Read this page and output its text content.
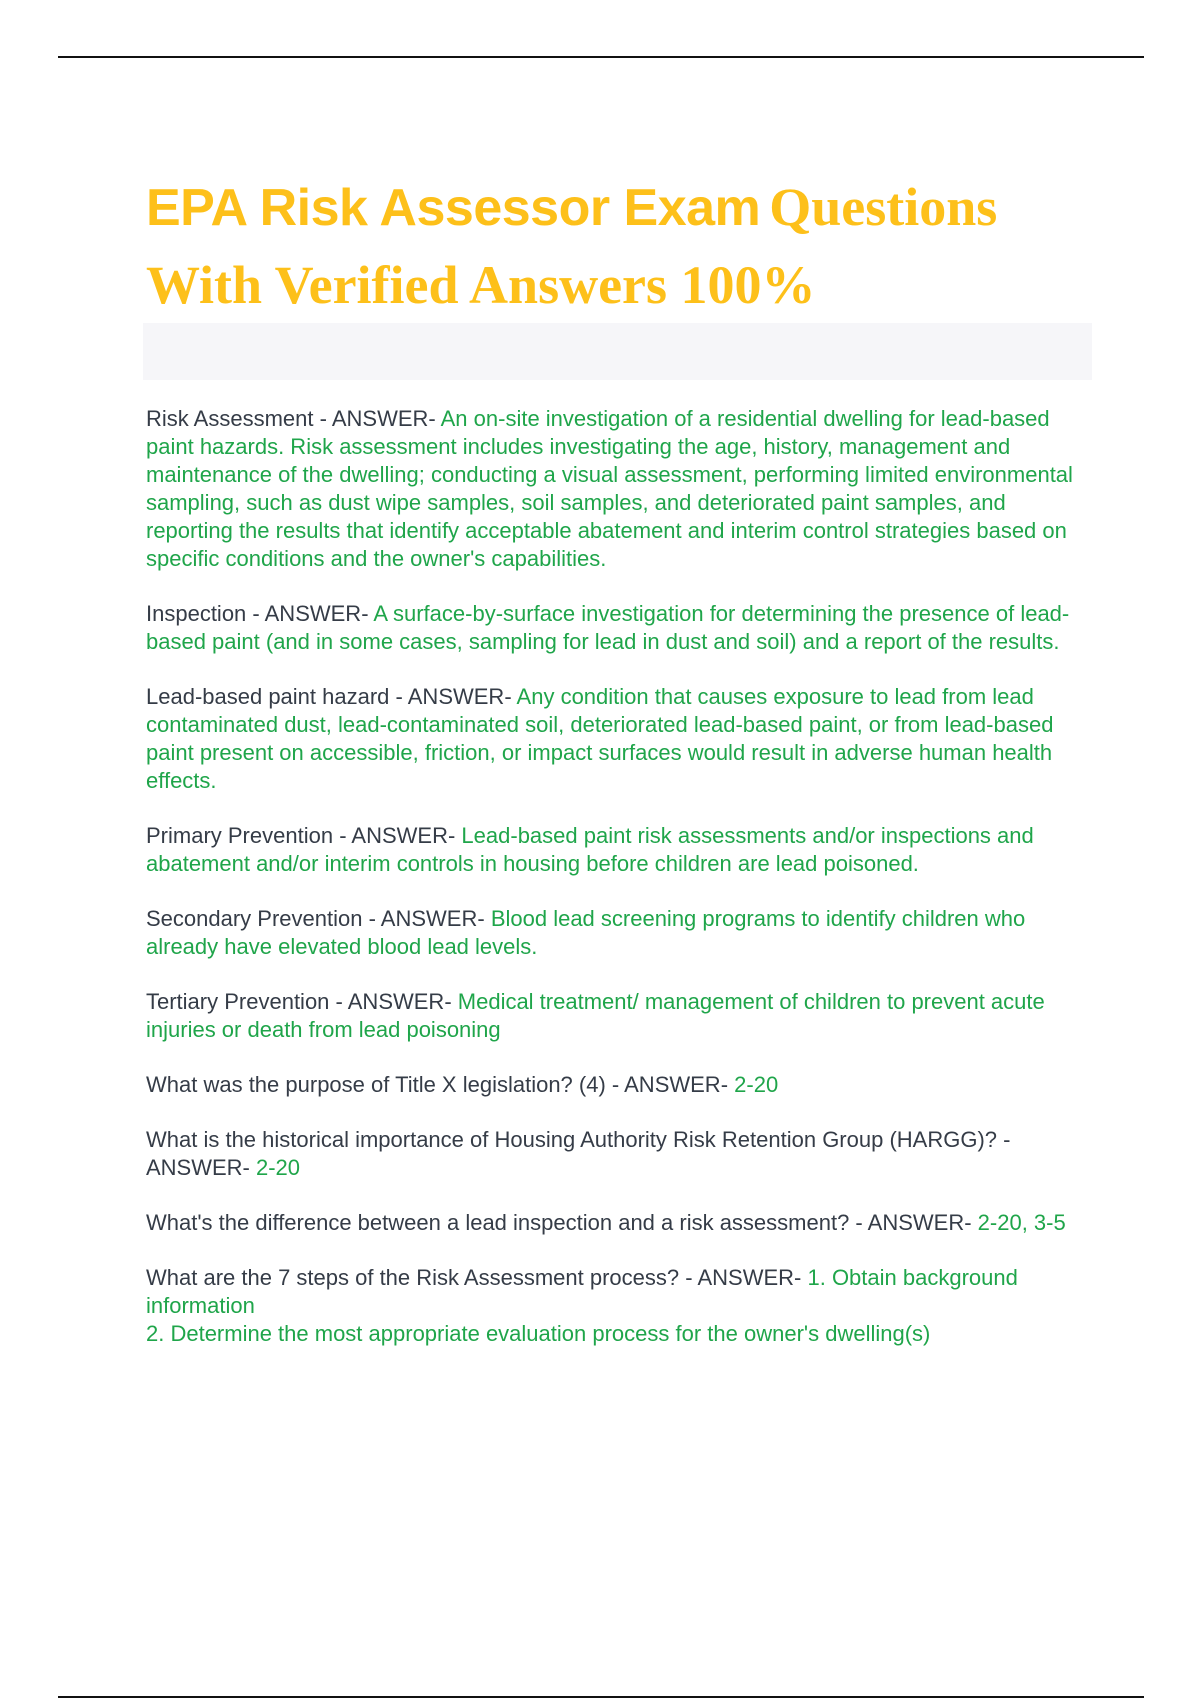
EPA Risk Assessor Exam Questions
With Verified Answers 100%
Risk Assessment - ANSWER- An on-site investigation of a residential dwelling for lead-based paint hazards. Risk assessment includes investigating the age, history, management and maintenance of the dwelling; conducting a visual assessment, performing limited environmental sampling, such as dust wipe samples, soil samples, and deteriorated paint samples, and reporting the results that identify acceptable abatement and interim control strategies based on specific conditions and the owner's capabilities.
Inspection - ANSWER- A surface-by-surface investigation for determining the presence of lead-based paint (and in some cases, sampling for lead in dust and soil) and a report of the results.
Lead-based paint hazard - ANSWER- Any condition that causes exposure to lead from lead contaminated dust, lead-contaminated soil, deteriorated lead-based paint, or from lead-based paint present on accessible, friction, or impact surfaces would result in adverse human health effects.
Primary Prevention - ANSWER- Lead-based paint risk assessments and/or inspections and abatement and/or interim controls in housing before children are lead poisoned.
Secondary Prevention - ANSWER- Blood lead screening programs to identify children who already have elevated blood lead levels.
Tertiary Prevention - ANSWER- Medical treatment/ management of children to prevent acute injuries or death from lead poisoning
What was the purpose of Title X legislation? (4) - ANSWER- 2-20
What is the historical importance of Housing Authority Risk Retention Group (HARGG)? - ANSWER- 2-20
What's the difference between a lead inspection and a risk assessment? - ANSWER- 2-20, 3-5
What are the 7 steps of the Risk Assessment process? - ANSWER- 1. Obtain background information
2. Determine the most appropriate evaluation process for the owner's dwelling(s)
